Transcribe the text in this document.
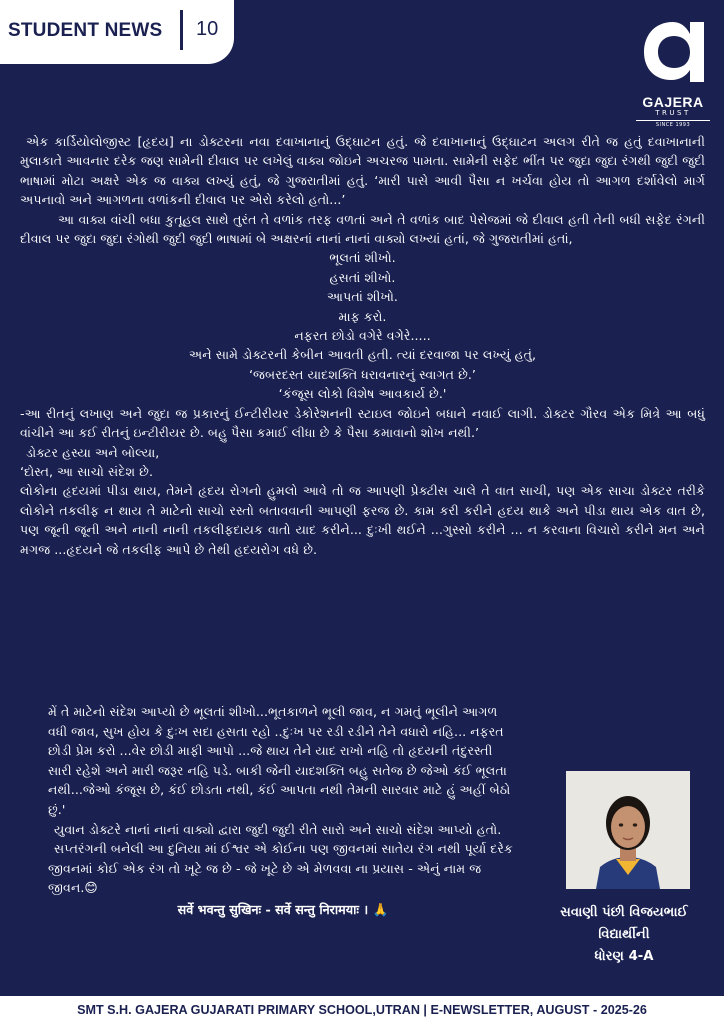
STUDENT NEWS 10
GAJERA
TRUST
SINCE 1993

એક કાર્ડિયોલોજીસ્ટ [હૃદય] ના ડોક્ટરના નવા દવાખાનાનું ઉદ્ઘાટન હતું. જે દવાખાનાનું ઉદ્ઘાટન અલગ રીતે જ હતું દવાખાનાની મુલાકાતે આવનાર દરેક જણ સામેની દીવાલ પર લખેલું વાક્ય જોઇને અચરજ પામતા. સામેની સફેદ ભીંત પર જુદા જુદા રંગથી જુદી જુદી ભાષામાં મોટા અક્ષરે એક જ વાક્ય લખ્યું હતું, જે ગુજરાતીમાં હતું. ‘મારી પાસે આવી પૈસા ન ખર્ચવા હોય તો આગળ દર્શાવેલો માર્ગ અપનાવો અને આગળના વળાંકની દીવાલ પર એરો કરેલો હતો...’

આ વાક્ય વાંચી બધા કુતૂહલ સાથે તુરંત તે વળાંક તરફ વળતાં અને તે વળાંક બાદ પેસેજમાં જે દીવાલ હતી તેની બધી સફેદ રંગની દીવાલ પર જુદા જુદા રંગોથી જુદી જુદી ભાષામાં બે અક્ષરનાં નાનાં નાનાં વાક્યો લખ્યાં હતાં, જે ગુજરાતીમાં હતાં,

ભૂલતાં શીખો.

હસતાં શીખો.

આપતાં શીખો.

માફ કરો.

નફરત છોડો વગેરે વગેરે.....

અને સામે ડોક્ટરની કેબીન આવતી હતી. ત્યાં દરવાજા પર લખ્યું હતું,

‘જબરદસ્ત યાદશક્તિ ધરાવનારનું સ્વાગત છે.’

‘કંજૂસ લોકો વિશેષ આવકાર્ય છે.'

-આ રીતનું લખાણ અને જુદા જ પ્રકારનું ઈન્ટીરીયર ડેકોરેશનની સ્ટાઇલ જોઇને બધાને નવાઈ લાગી. ડોક્ટર ગૌરવ એક મિત્રે આ બધું વાંચીને આ કઈ રીતનું ઇન્ટીરીયર છે. બહુ પૈસા કમાઈ લીધા છે કે પૈસા કમાવાનો શોખ નથી.’

ડોક્ટર હસ્યા અને બોલ્યા,

‘દોસ્ત, આ સાચો સંદેશ છે.

લોકોના હૃદયમાં પીડા થાય, તેમને હૃદય રોગનો હુમલો આવે તો જ આપણી પ્રેક્ટીસ ચાલે તે વાત સાચી, પણ એક સાચા ડોક્ટર તરીકે લોકોને તકલીફ ન થાય તે માટેનો સાચો રસ્તો બતાવવાની આપણી ફરજ છે. કામ કરી કરીને હદય થાકે અને પીડા થાય એક વાત છે, પણ જૂની જૂની અને નાની નાની તકલીફદાયક વાતો યાદ કરીને... દુઃખી થઈને ...ગુસ્સો કરીને ... ન કરવાના વિચારો કરીને મન અને મગજ ...હૃદયને જે તકલીફ આપે છે તેથી હદયરોગ વધે છે.

મેં તે માટેનો સંદેશ આપ્યો છે ભૂલતાં શીખો...ભૂતકાળને ભૂલી જાવ, ન ગમતું ભૂલીને આગળ વધી જાવ, સુખ હોય કે દુઃખ સદા હસતા રહો ..દુઃખ પર રડી રડીને તેને વધારો નહિ... નફરત છોડી પ્રેમ કરો ...વેર છોડી માફી આપો ...જે થાય તેને યાદ રાખો નહિ તો હૃદયની તંદુરસ્તી સારી રહેશે અને મારી જરૂર નહિ પડે. બાકી જેની યાદશક્તિ બહુ સતેજ છે જેઓ કંઈ ભૂલતા નથી...જેઓ કંજૂસ છે, કંઈ છોડતા નથી, કંઈ આપતા નથી તેમની સારવાર માટે હું અહીં બેઠો છું.'

યુવાન ડોક્ટરે નાનાં નાનાં વાક્યો દ્વારા જુદી જુદી રીતે સારો અને સાચો સંદેશ આપ્યો હતો.

સપ્તરંગની બનેલી આ દુનિયા માં ઈશ્વર એ કોઈના પણ જીવનમાં સાતેય રંગ નથી પૂર્યા દરેક જીવનમાં કોઈ એક રંગ તો ખૂટે જ છે - જે ખૂટે છે એ મેળવવા ના પ્રયાસ - એનું નામ જ જીવન.😊

सर्वे भवन्तु सुखिनः - सर्वे सन्तु निरामयाः । 🙏	સવાણી પંછી વિજયભાઈ
વિદ્યાર્થીની
ધોરણ 4-A
SMT S.H. GAJERA GUJARATI PRIMARY SCHOOL,UTRAN | E-NEWSLETTER, AUGUST - 2025-26
